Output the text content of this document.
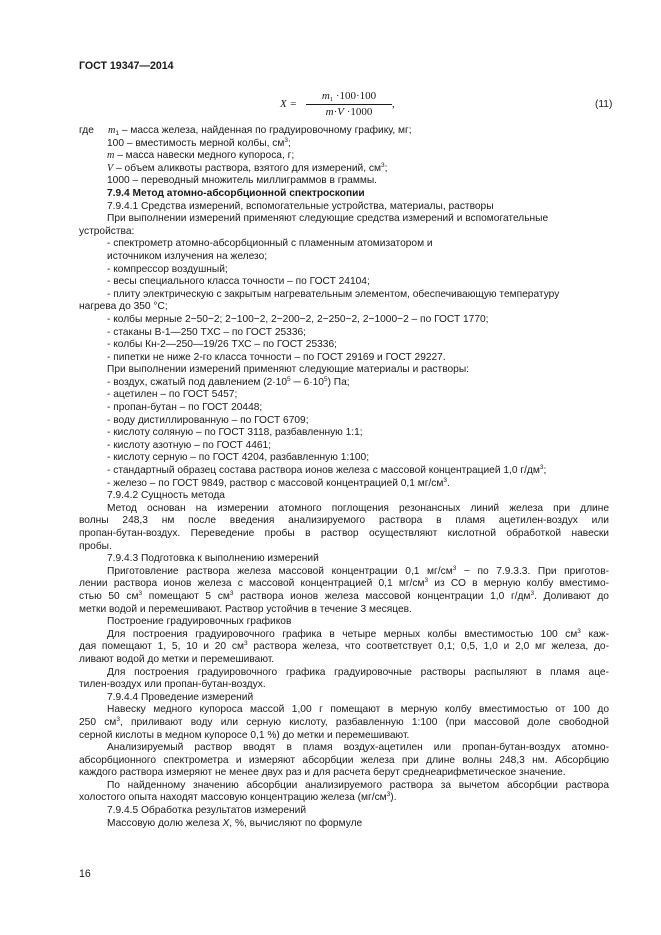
ГОСТ 19347—2014
$X = \frac{m_1 \cdot 100\cdot 100}{m\cdot V \cdot 1000}$ ,	(11)
где $m_1$ – масса железа, найденная по градуировочному графику, мг;
100 – вместимость мерной колбы, $см^3$;
m – масса навески медного купороса, г;
V – объем аликвоты раствора, взятого для измерений, $см^3$;
1000 – переводный множитель миллиграммов в граммы.
7.9.4 Метод атомно-абсорбционной спектроскопии
7.9.4.1 Средства измерений, вспомогательные устройства, материалы, растворы
При выполнении измерений применяют следующие средства измерений и вспомогательные
устройства:
- спектрометр атомно-абсорбционный с пламенным атомизатором и
источником излучения на железо;
- компрессор воздушный;
- весы специального класса точности – по ГОСТ 24104;
- плиту электрическую с закрытым нагревательным элементом, обеспечивающую температуру
нагрева до 350 °С;
- колбы мерные 2−50−2; 2−100−2, 2−200−2, 2−250−2, 2−1000−2 – по ГОСТ 1770;
- стаканы В-1—250 ТХС – по ГОСТ 25336;
- колбы Кн-2—250—19/26 ТХС – по ГОСТ 25336;
- пипетки не ниже 2-го класса точности – по ГОСТ 29169 и ГОСТ 29227.
При выполнении измерений применяют следующие материалы и растворы:
- воздух, сжатый под давлением ($2\cdot 10^5$ ─ $6\cdot 10^5$) Па;
- ацетилен – по ГОСТ 5457;
- пропан-бутан – по ГОСТ 20448;
- воду дистиллированную – по ГОСТ 6709;
- кислоту соляную – по ГОСТ 3118, разбавленную 1:1;
- кислоту азотную – по ГОСТ 4461;
- кислоту серную – по ГОСТ 4204, разбавленную 1:100;
- стандартный образец состава раствора ионов железа с массовой концентрацией 1,0 $г/дм^3$;
- железо – по ГОСТ 9849, раствор с массовой концентрацией 0,1 $мг/см^3$.
7.9.4.2 Сущность метода
Метод основан на измерении атомного поглощения резонансных линий железа при длине
волны 248,3 нм после введения анализируемого раствора в пламя ацетилен-воздух или
пропан-бутан-воздух. Переведение пробы в раствор осуществляют кислотной обработкой навески
пробы.
7.9.4.3 Подготовка к выполнению измерений
Приготовление раствора железа массовой концентрации 0,1 $мг/см^3$ − по 7.9.3.3. При приготов-
лении раствора ионов железа с массовой концентрацией 0,1 $мг/см^3$ из СО в мерную колбу вместимо-
стью 50 $см^3$ помещают 5 $см^3$ раствора ионов железа массовой концентрации 1,0 $г/дм^3$. Доливают до
метки водой и перемешивают. Раствор устойчив в течение 3 месяцев.
Построение градуировочных графиков
Для построения градуировочного графика в четыре мерных колбы вместимостью 100 $см^3$ каж-
дая помещают 1, 5, 10 и 20 $см^3$ раствора железа, что соответствует 0,1; 0,5, 1,0 и 2,0 мг железа, до-
ливают водой до метки и перемешивают.
Для построения градуировочного графика градуировочные растворы распыляют в пламя аце-
тилен-воздух или пропан-бутан-воздух.
7.9.4.4 Проведение измерений
Навеску медного купороса массой 1,00 г помещают в мерную колбу вместимостью от 100 до
250 $см^3$, приливают воду или серную кислоту, разбавленную 1:100 (при массовой доле свободной
серной кислоты в медном купоросе 0,1 %) до метки и перемешивают.
Анализируемый раствор вводят в пламя воздух-ацетилен или пропан-бутан-воздух атомно-
абсорбционного спектрометра и измеряют абсорбции железа при длине волны 248,3 нм. Абсорбцию
каждого раствора измеряют не менее двух раз и для расчета берут среднеарифметическое значение.
По найденному значению абсорбции анализируемого раствора за вычетом абсорбции раствора
холостого опыта находят массовую концентрацию железа $(мг/см^3)$.
7.9.4.5 Обработка результатов измерений
Массовую долю железа X, %, вычисляют по формуле
16
